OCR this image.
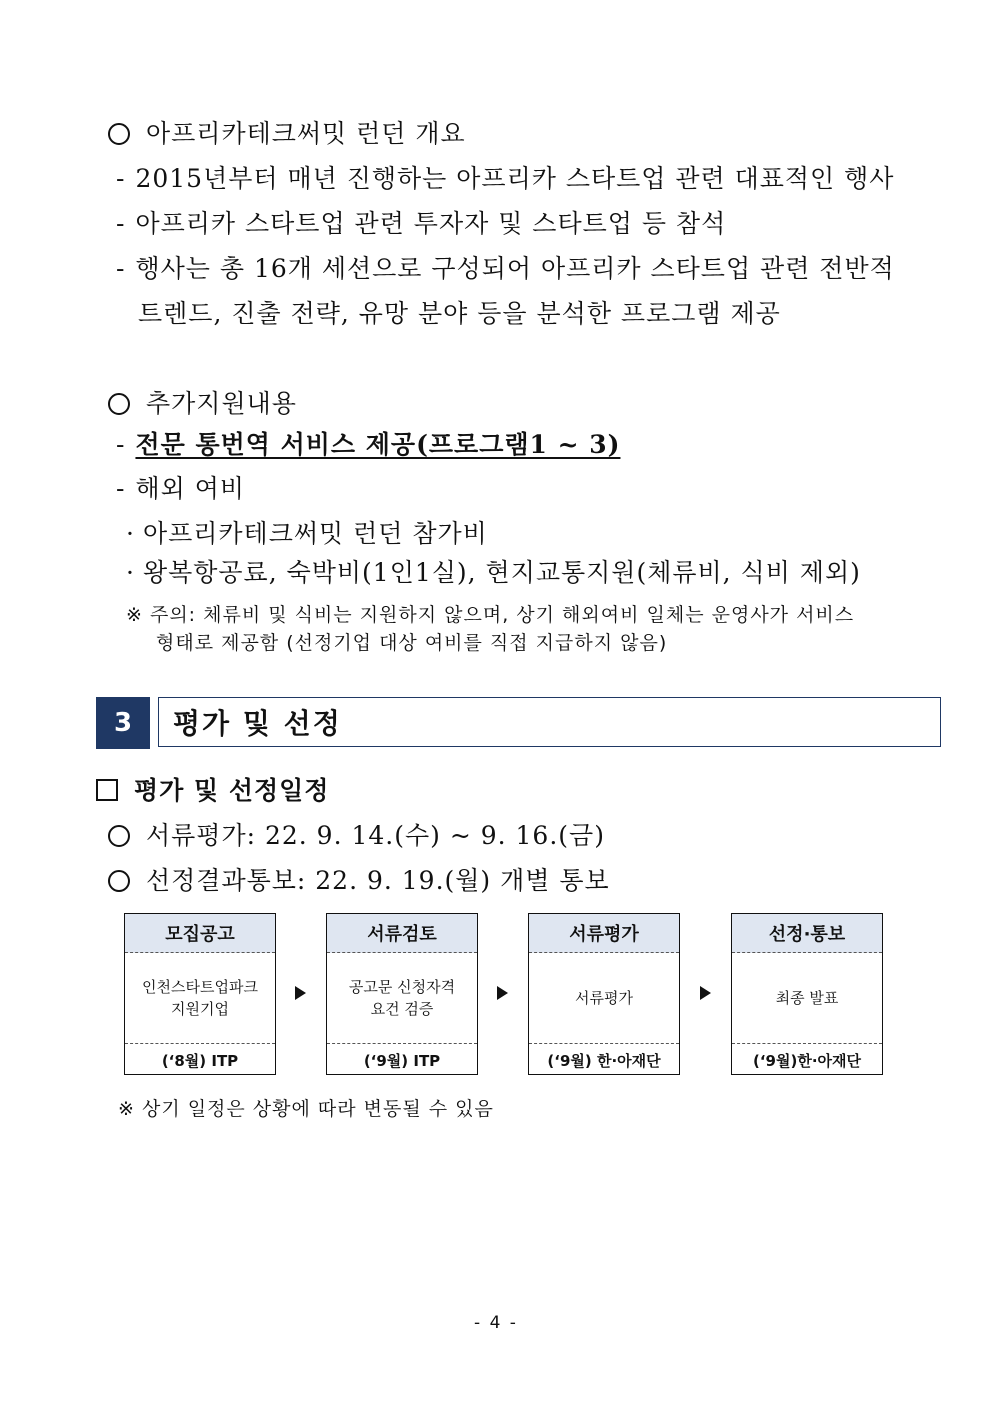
아프리카테크써밋 런던 개요
- 2015년부터 매년 진행하는 아프리카 스타트업 관련 대표적인 행사
- 아프리카 스타트업 관련 투자자 및 스타트업 등 참석
- 행사는 총 16개 세션으로 구성되어 아프리카 스타트업 관련 전반적
트렌드, 진출 전략, 유망 분야 등을 분석한 프로그램 제공
추가지원내용
- 전문 통번역 서비스 제공(프로그램1 ~ 3)
- 해외 여비
· 아프리카테크써밋 런던 참가비
· 왕복항공료, 숙박비(1인1실), 현지교통지원(체류비, 식비 제외)
※ 주의: 체류비 및 식비는 지원하지 않으며, 상기 해외여비 일체는 운영사가 서비스
형태로 제공함 (선정기업 대상 여비를 직접 지급하지 않음)
3	평가 및 선정
평가 및 선정일정
서류평가: 22. 9. 14.(수) ~ 9. 16.(금)
선정결과통보: 22. 9. 19.(월) 개별 통보
모집공고
인천스타트업파크
지원기업
(‘8월) ITP
서류검토
공고문 신청자격
요건 검증
(‘9월) ITP
서류평가
서류평가
(‘9월) 한·아재단
선정·통보
최종 발표
(‘9월)한·아재단
※ 상기 일정은 상황에 따라 변동될 수 있음
- 4 -
